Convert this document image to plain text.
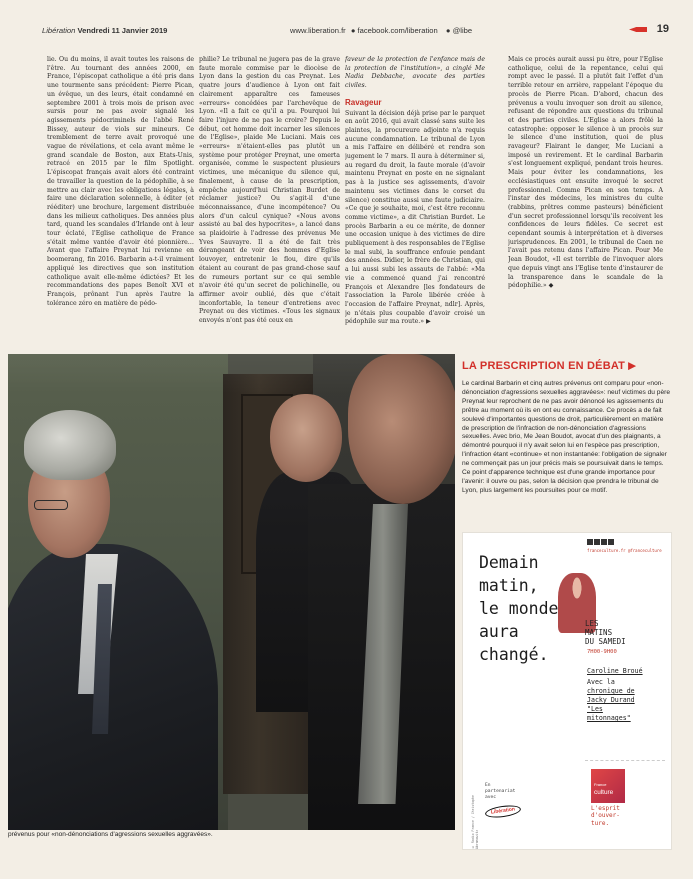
Libération Vendredi 11 Janvier 2019	www.liberation.fr ● facebook.com/liberation ● @libe	19

lie. Ou du moins, il avait toutes les raisons de l'être. Au tournant des années 2000, en France, l'épiscopat catholique a été pris dans une tourmente sans précédent: Pierre Pican, un évêque, un des leurs, était condamné en septembre 2001 à trois mois de prison avec sursis pour ne pas avoir signalé les agissements pédocriminels de l'abbé René Bissey, auteur de viols sur mineurs. Ce tremblement de terre avait provoqué une vague de révélations, et cela avant même le grand scandale de Boston, aux Etats-Unis, retracé en 2015 par le film Spotlight. L'épiscopat français avait alors été contraint de travailler la question de la pédophilie, à se mettre au clair avec les obligations légales, à faire une déclaration solennelle, à éditer (et rééditer) une brochure, largement distribuée dans les milieux catholiques. Des années plus tard, quand les scandales d'Irlande ont à leur tour éclaté, l'Eglise catholique de France s'était même vantée d'avoir été pionnière… Avant que l'affaire Preynat lui revienne en boomerang, fin 2016. Barbarin a-t-il vraiment appliqué les directives que son institution catholique avait elle-même édictées? Et les recommandations des papes Benoît XVI et François, prônant l'un après l'autre la tolérance zéro en matière de pédo-

philie? Le tribunal ne jugera pas de la grave faute morale commise par le diocèse de Lyon dans la gestion du cas Preynat. Les quatre jours d'audience à Lyon ont fait clairement apparaître ces fameuses «erreurs» concédées par l'archevêque de Lyon. «Il a fait ce qu'il a pu. Pourquoi lui faire l'injure de ne pas le croire? Depuis le début, cet homme doit incarner les silences de l'Eglise», plaide Me Luciani. Mais ces «erreurs» n'étaient-elles pas plutôt un système pour protéger Preynat, une omerta organisée, comme le suspectent plusieurs victimes, une mécanique du silence qui, finalement, à cause de la prescription, empêche aujourd'hui Christian Burdet de réclamer justice? Ou s'agit-il d'une méconnaissance, d'une incompétence? Ou alors d'un calcul cynique? «Nous avons assisté au bal des hypocrites», a lancé dans sa plaidoirie à l'adresse des prévenus Me Yves Sauvayre. Il a été de fait très dérangeant de voir des hommes d'Eglise louvoyer, entretenir le flou, dire qu'ils étaient au courant de pas grand-chose sauf de rumeurs portant sur ce qui semble n'avoir été qu'un secret de polichinelle, ou affirmer avoir oublié, dès que c'était inconfortable, la teneur d'entretiens avec Preynat ou des victimes. «Tous les signaux envoyés n'ont pas été ceux en

faveur de la protection de l'enfance mais de la protection de l'institution», a cinglé Me Nadia Debbache, avocate des parties civiles.

Ravageur

Suivant la décision déjà prise par le parquet en août 2016, qui avait classé sans suite les plaintes, la procureure adjointe n'a requis aucune condamnation. Le tribunal de Lyon a mis l'affaire en délibéré et rendra son jugement le 7 mars. Il aura à déterminer si, au regard du droit, la faute morale (d'avoir maintenu Preynat en poste en ne signalant pas à la justice ses agissements, d'avoir maintenu ses victimes dans le corset du silence) constitue aussi une faute judiciaire. «Ce que je souhaite, moi, c'est être reconnu comme victime», a dit Christian Burdet. Le procès Barbarin a eu ce mérite, de donner une occasion unique à des victimes de dire publiquement à des responsables de l'Eglise le mal subi, la souffrance enfouie pendant des années. Didier, le frère de Christian, qui a lui aussi subi les assauts de l'abbé: «Ma vie a commencé quand j'ai rencontré François et Alexandre [les fondateurs de l'association la Parole libérée créée à l'occasion de l'affaire Preynat, ndlr]. Après, je n'étais plus coupable d'avoir croisé un pédophile sur ma route.» ▶

Mais ce procès aurait aussi pu être, pour l'Eglise catholique, celui de la repentance, celui qui rompt avec le passé. Il a plutôt fait l'effet d'un terrible retour en arrière, rappelant l'époque du procès de Pierre Pican. D'abord, chacun des prévenus a voulu invoquer son droit au silence, refusant de répondre aux questions du tribunal et des parties civiles. L'Eglise a alors frôlé la catastrophe: opposer le silence à un procès sur le silence d'une institution, quoi de plus ravageur? Flairant le danger, Me Luciani a imposé un revirement. Et le cardinal Barbarin s'est longuement expliqué, pendant trois heures. Mais pour éviter les condamnations, les ecclésiastiques ont ensuite invoqué le secret professionnel. Comme Pican en son temps. A l'instar des médecins, les ministres du culte (rabbins, prêtres comme pasteurs) bénéficient d'un secret professionnel lorsqu'ils recoivent les confidences de leurs fidèles. Ce secret est cependant soumis à interprétation et à diverses jurisprudences. En 2001, le tribunal de Caen ne l'avait pas retenu dans l'affaire Pican. Pour Me Jean Boudot, «Il est terrible de l'invoquer alors que depuis vingt ans l'Eglise tente d'instaurer de la transparence dans le scandale de la pédophilie.» ◆

prévenus pour «non-dénonciations d'agressions sexuelles aggravées».
LA PRESCRIPTION EN DÉBAT
Le cardinal Barbarin et cinq autres prévenus ont comparu pour «non-dénonciation d'agressions sexuelles aggravées»: neuf victimes du père Preynat leur reprochent de ne pas avoir dénoncé les agissements du prêtre au moment où ils en ont eu connaissance. Ce procès a de fait soulevé d'importantes questions de droit, particulièrement en matière de prescription de l'infraction de non-dénonciation d'agressions sexuelles. Avec brio, Me Jean Boudot, avocat d'un des plaignants, a démontré pourquoi il n'y avait selon lui en l'espèce pas prescription, l'infraction étant «continue» et non instantanée: l'obligation de signaler ne commençait pas un jour précis mais se poursuivait dans le temps. Ce point d'apparence technique est d'une grande importance pour l'avenir: il ouvre ou pas, selon la décision que prendra le tribunal de Lyon, plus largement les poursuites pour ce motif.
franceculture.fr @franceculture
Demain
matin,
le monde
aura
changé.
LES
MATINS
DU SAMEDI
7H00-9H00
Caroline Broué
Avec la
chronique de
Jacky Durand
"Les
mitonnages"
© Radio France / Christophe Abramowitz
En
partenariat
avec
Libération
France
culture
L'esprit
d'ouver-
ture.
